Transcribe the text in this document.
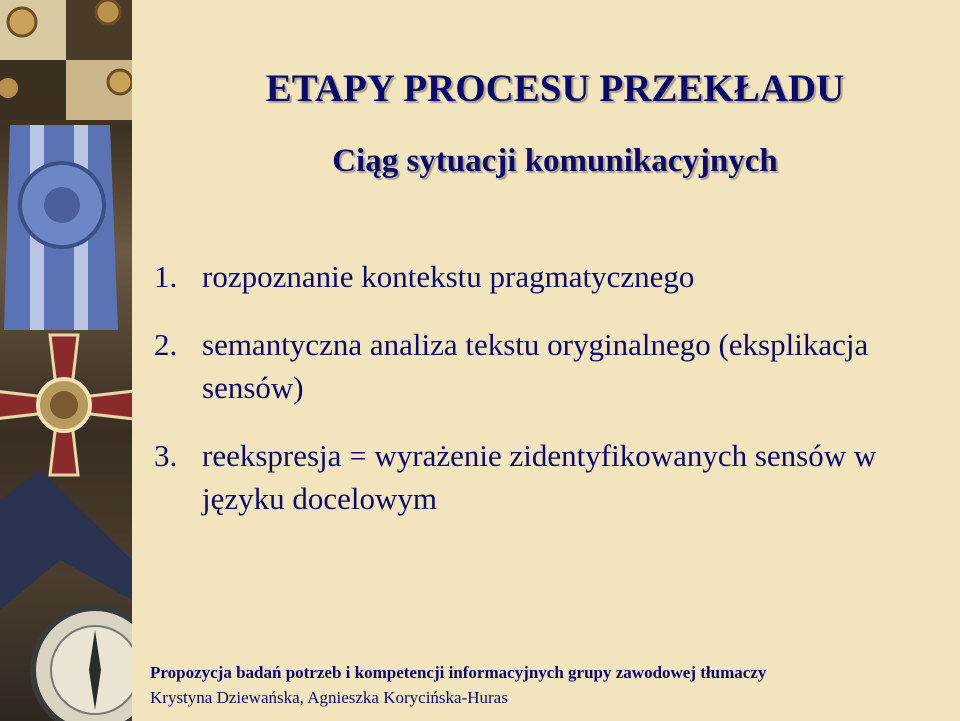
ETAPY PROCESU PRZEKŁADU
Ciąg sytuacji komunikacyjnych
1. rozpoznanie kontekstu pragmatycznego
2. semantyczna analiza tekstu oryginalnego (eksplikacja sensów)
3. reekspresja = wyrażenie zidentyfikowanych sensów w języku docelowym
Propozycja badań potrzeb i kompetencji informacyjnych grupy zawodowej tłumaczy
Krystyna Dziewańska, Agnieszka Korycińska-Huras
